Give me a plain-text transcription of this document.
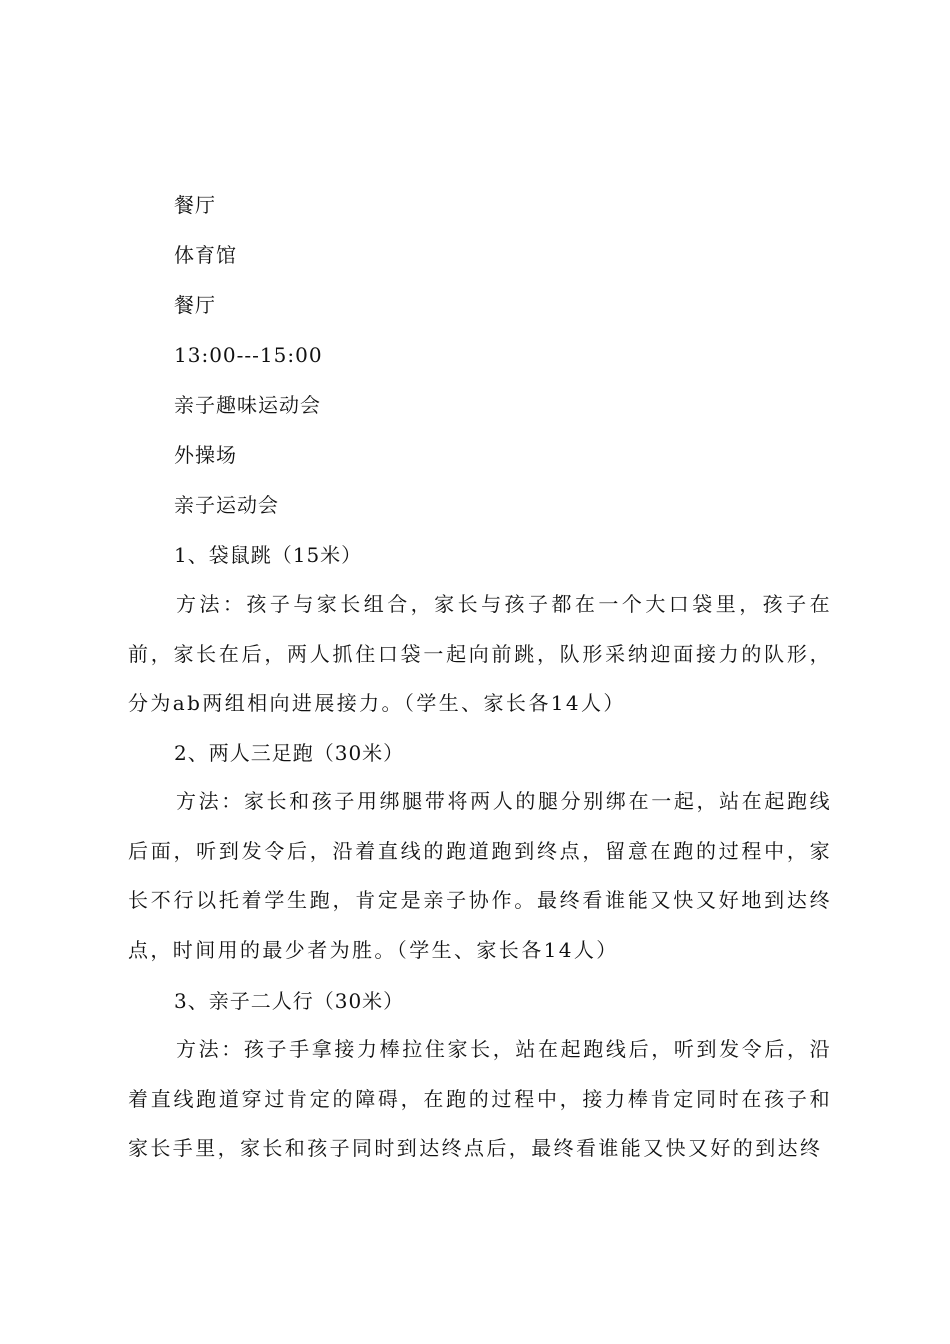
餐厅
体育馆
餐厅
13:00---15:00
亲子趣味运动会
外操场
亲子运动会
1、袋鼠跳（15米）
方法：孩子与家长组合，家长与孩子都在一个大口袋里，孩子在前，家长在后，两人抓住口袋一起向前跳，队形采纳迎面接力的队形，分为ab两组相向进展接力。（学生、家长各14人）
2、两人三足跑（30米）
方法：家长和孩子用绑腿带将两人的腿分别绑在一起，站在起跑线后面，听到发令后，沿着直线的跑道跑到终点，留意在跑的过程中，家长不行以托着学生跑，肯定是亲子协作。最终看谁能又快又好地到达终点，时间用的最少者为胜。（学生、家长各14人）
3、亲子二人行（30米）
方法：孩子手拿接力棒拉住家长，站在起跑线后，听到发令后，沿着直线跑道穿过肯定的障碍，在跑的过程中，接力棒肯定同时在孩子和家长手里，家长和孩子同时到达终点后，最终看谁能又快又好的到达终
